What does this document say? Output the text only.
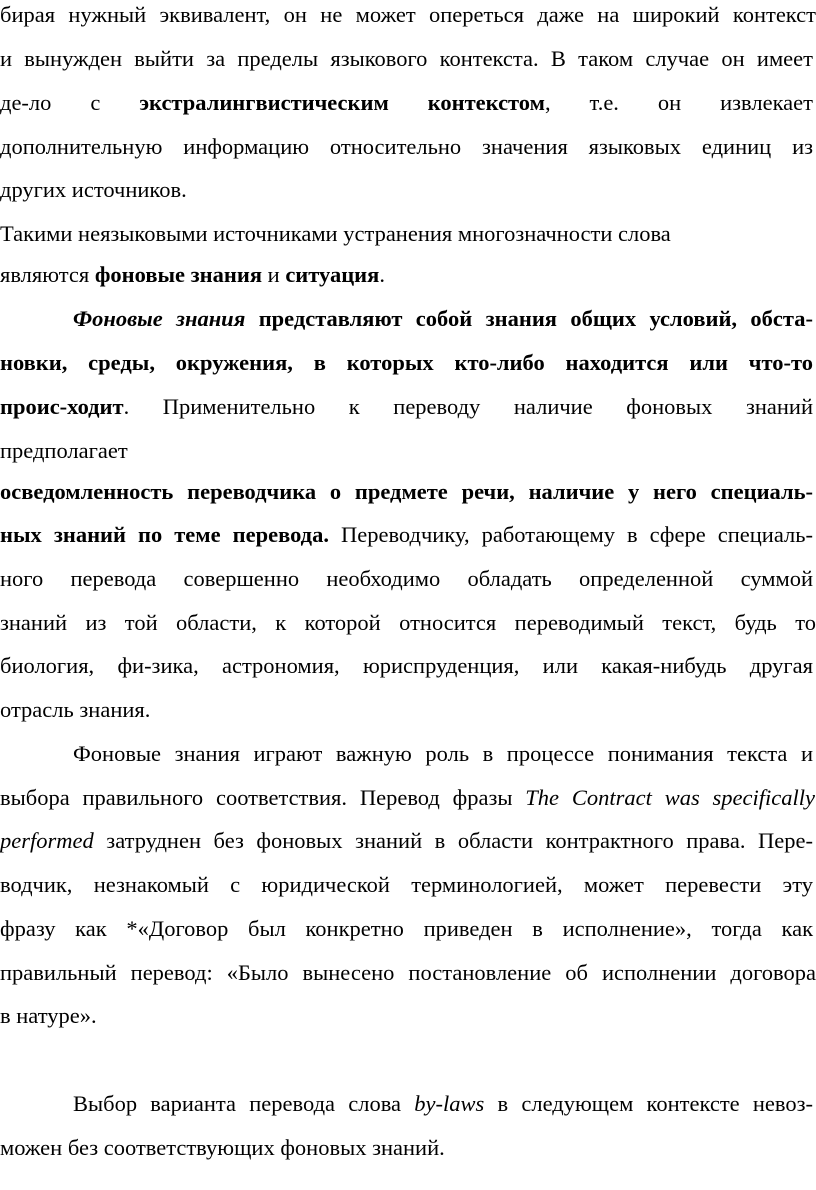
бирая нужный эквивалент, он не может опереться даже на широкий контекст
и вынужден выйти за пределы языкового контекста. В таком случае он имеет
де-ло с экстралингвистическим контекстом, т.е. он извлекает
дополнительную информацию относительно значения языковых единиц из
других источников.
Такими неязыковыми источниками устранения многозначности слова
являются фоновые знания и ситуация.
Фоновые знания представляют собой знания общих условий, обста-
новки, среды, окружения, в которых кто-либо находится или что-то
проис-ходит. Применительно к переводу наличие фоновых знаний
предполагает
осведомленность переводчика о предмете речи, наличие у него специаль-
ных знаний по теме перевода. Переводчику, работающему в сфере специаль-
ного перевода совершенно необходимо обладать определенной суммой
знаний из той области, к которой относится переводимый текст, будь то
биология, фи-зика, астрономия, юриспруденция, или какая-нибудь другая
отрасль знания.
Фоновые знания играют важную роль в процессе понимания текста и
выбора правильного соответствия. Перевод фразы The Contract was specifically
performed затруднен без фоновых знаний в области контрактного права. Пере-
водчик, незнакомый с юридической терминологией, может перевести эту
фразу как *«Договор был конкретно приведен в исполнение», тогда как
правильный перевод: «Было вынесено постановление об исполнении договора
в натуре».
Выбор варианта перевода слова by-laws в следующем контексте невоз-
можен без соответствующих фоновых знаний.
